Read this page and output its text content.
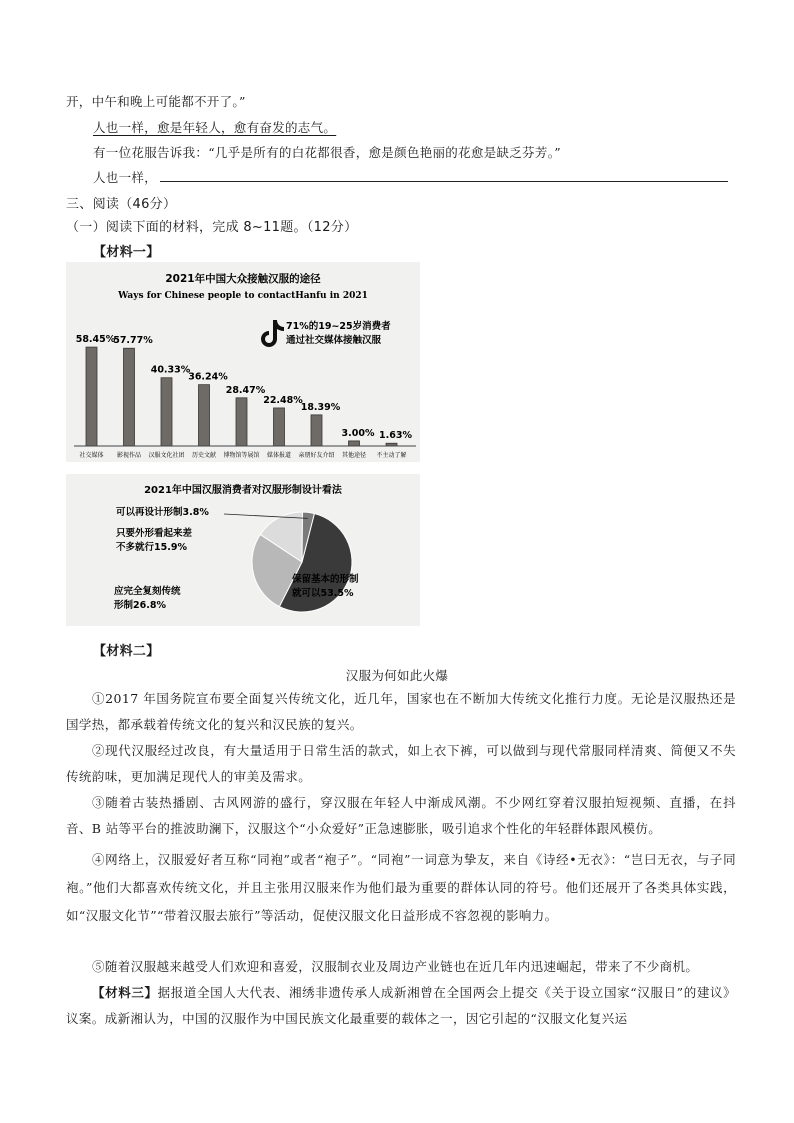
开，中午和晚上可能都不开了。”
人也一样，愈是年轻人，愈有奋发的志气。
有一位花服告诉我：“几乎是所有的白花都很香，愈是颜色艳丽的花愈是缺乏芬芳。”
人也一样，
三、阅读（46分）
（一）阅读下面的材料，完成 8~11题。（12分）
【材料一】
2021年中国大众接触汉服的途径
Ways for Chinese people to contactHanfu in 2021
71%的19~25岁消费者
通过社交媒体接触汉服
58.45%
社交媒体
57.77%
影视作品
40.33%
汉服文化社团
36.24%
历史文献
28.47%
博物馆等展馆
22.48%
媒体报道
18.39%
亲朋好友介绍
3.00%
其他途径
1.63%
不主动了解
2021年中国汉服消费者对汉服形制设计看法
保留基本的形制
就可以53.5%
应完全复刻传统
形制26.8%
只要外形看起来差
不多就行15.9%
可以再设计形制3.8%
【材料二】
汉服为何如此火爆
①2017 年国务院宣布要全面复兴传统文化，近几年，国家也在不断加大传统文化推行力度。无论是汉服热还是国学热，都承载着传统文化的复兴和汉民族的复兴。
②现代汉服经过改良，有大量适用于日常生活的款式，如上衣下裤，可以做到与现代常服同样清爽、简便又不失传统韵味，更加满足现代人的审美及需求。
③随着古装热播剧、古风网游的盛行，穿汉服在年轻人中渐成风潮。不少网红穿着汉服拍短视频、直播，在抖音、B 站等平台的推波助澜下，汉服这个“小众爱好”正急速膨胀，吸引追求个性化的年轻群体跟风模仿。
④网络上，汉服爱好者互称“同袍”或者“袍子”。“同袍”一词意为挚友，来自《诗经•无衣》：“岂曰无衣，与子同袍。”他们大都喜欢传统文化，并且主张用汉服来作为他们最为重要的群体认同的符号。他们还展开了各类具体实践，如“汉服文化节”“带着汉服去旅行”等活动，促使汉服文化日益形成不容忽视的影响力。
⑤随着汉服越来越受人们欢迎和喜爱，汉服制衣业及周边产业链也在近几年内迅速崛起，带来了不少商机。
【材料三】据报道全国人大代表、湘绣非遗传承人成新湘曾在全国两会上提交《关于设立国家“汉服日”的建议》议案。成新湘认为，中国的汉服作为中国民族文化最重要的载体之一，因它引起的“汉服文化复兴运
